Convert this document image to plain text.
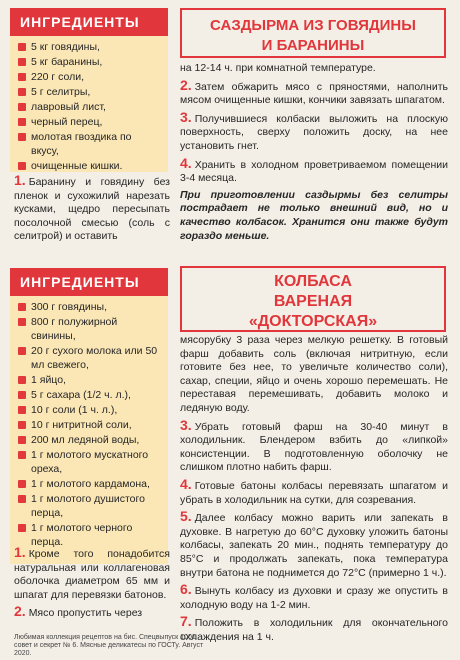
ИНГРЕДИЕНТЫ
5 кг говядины,
5 кг баранины,
220 г соли,
5 г селитры,
лавровый лист,
черный перец,
молотая гвоздика по вкусу,
очищенные кишки.
САЗДЫРМА ИЗ ГОВЯДИНЫ
И БАРАНИНЫ

1. Баранину и говядину без пленок и сухожилий нарезать кусками, щедро пересыпать посолочной смесью (соль с селитрой) и оставить

на 12-14 ч. при комнатной температуре.

2. Затем обжарить мясо с пряностями, наполнить мясом очищенные кишки, кончики завязать шпагатом.

3. Получившиеся колбаски выложить на плоскую поверхность, сверху положить доску, на нее установить гнет.

4. Хранить в холодном проветриваемом помещении 3-4 месяца.

При приготовлении саздырмы без селитры пострадает не только внешний вид, но и качество колбасок. Хранится они также будут гораздо меньше.

ИНГРЕДИЕНТЫ
300 г говядины,
800 г полужирной свинины,
20 г сухого молока или 50 мл свежего,
1 яйцо,
5 г сахара (1/2 ч. л.),
10 г соли (1 ч. л.),
10 г нитритной соли,
200 мл ледяной воды,
1 г молотого мускатного ореха,
1 г молотого кардамона,
1 г молотого душистого перца,
1 г молотого черного перца.
КОЛБАСА
ВАРЕНАЯ
«ДОКТОРСКАЯ»

1. Кроме того понадобится натуральная или коллагеновая оболочка диаметром 65 мм и шпагат для перевязки батонов.

2. Мясо пропустить через

мясорубку 3 раза через мелкую решетку. В готовый фарш добавить соль (включая нитритную, если готовите без нее, то увеличьте количество соли), сахар, специи, яйцо и очень хорошо перемешать. Не переставая перемешивать, добавить молоко и ледяную воду.

3. Убрать готовый фарш на 30-40 минут в холодильник. Блендером взбить до «липкой» консистенции. В подготовленную оболочку не слишком плотно набить фарш.

4. Готовые батоны колбасы перевязать шпагатом и убрать в холодильник на сутки, для созревания.

5. Далее колбасу можно варить или запекать в духовке. В нагретую до 60°С духовку уложить батоны колбасы, запекать 20 мин., поднять температуру до 85°С и продолжать запекать, пока температура внутри батона не поднимется до 72°С (примерно 1 ч.).

6. Вынуть колбасу из духовки и сразу же опустить в холодную воду на 1-2 мин.

7. Положить в холодильник для окончательного охлаждения на 1 ч.

Любимая коллекция рецептов на бис. Спецвыпуск 1001
совет и секрет № 6. Мясные деликатесы по ГОСТу. Август 2020.
